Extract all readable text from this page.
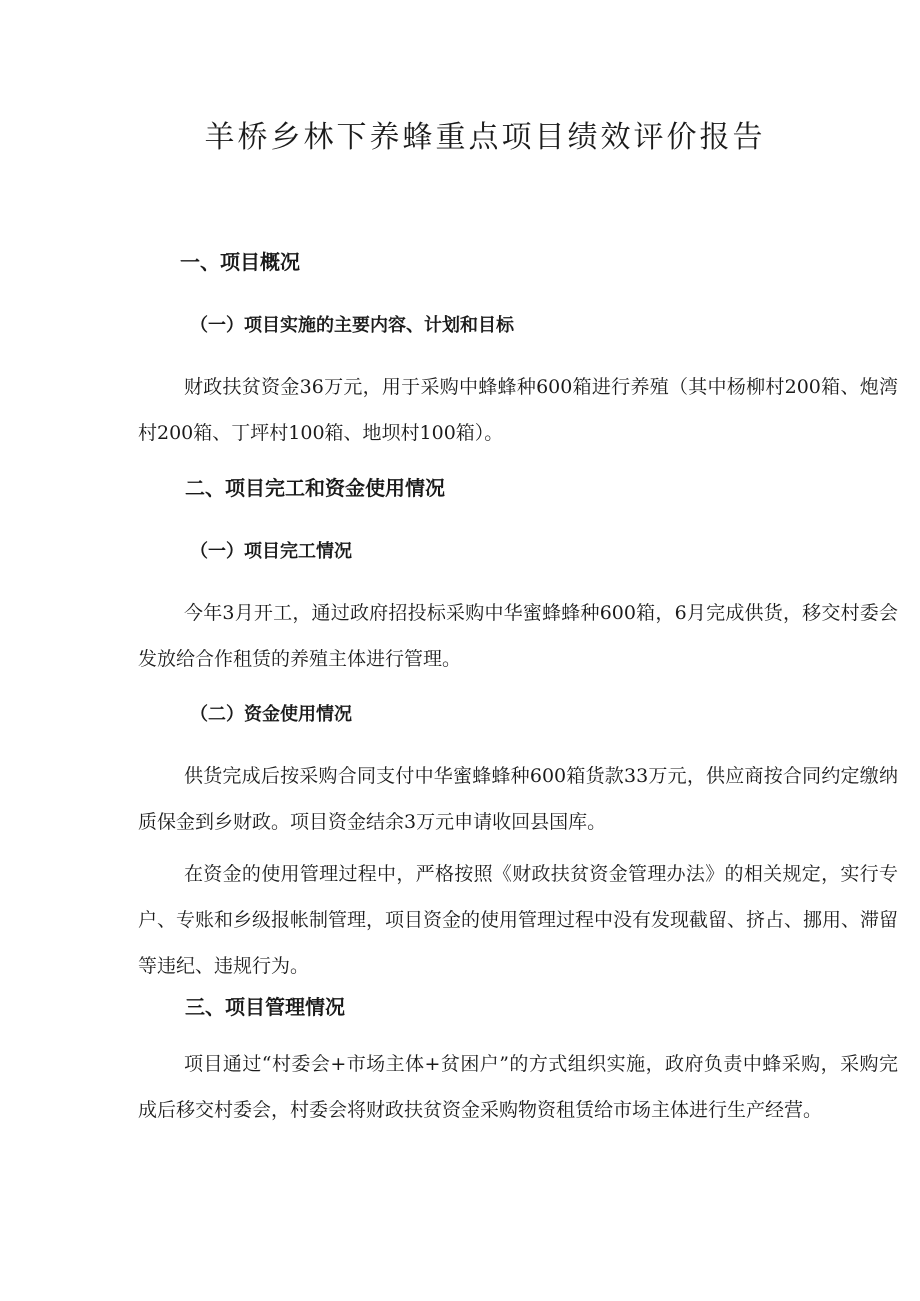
羊桥乡林下养蜂重点项目绩效评价报告
一、项目概况
（一）项目实施的主要内容、计划和目标

财政扶贫资金36万元，用于采购中蜂蜂种600箱进行养殖（其中杨柳村200箱、炮湾村200箱、丁坪村100箱、地坝村100箱）。

二、项目完工和资金使用情况
（一）项目完工情况

今年3月开工，通过政府招投标采购中华蜜蜂蜂种600箱，6月完成供货，移交村委会发放给合作租赁的养殖主体进行管理。

（二）资金使用情况

供货完成后按采购合同支付中华蜜蜂蜂种600箱货款33万元，供应商按合同约定缴纳质保金到乡财政。项目资金结余3万元申请收回县国库。

在资金的使用管理过程中，严格按照《财政扶贫资金管理办法》的相关规定，实行专户、专账和乡级报帐制管理，项目资金的使用管理过程中没有发现截留、挤占、挪用、滞留等违纪、违规行为。

三、项目管理情况

项目通过“村委会+市场主体+贫困户”的方式组织实施，政府负责中蜂采购，采购完成后移交村委会，村委会将财政扶贫资金采购物资租赁给市场主体进行生产经营。
